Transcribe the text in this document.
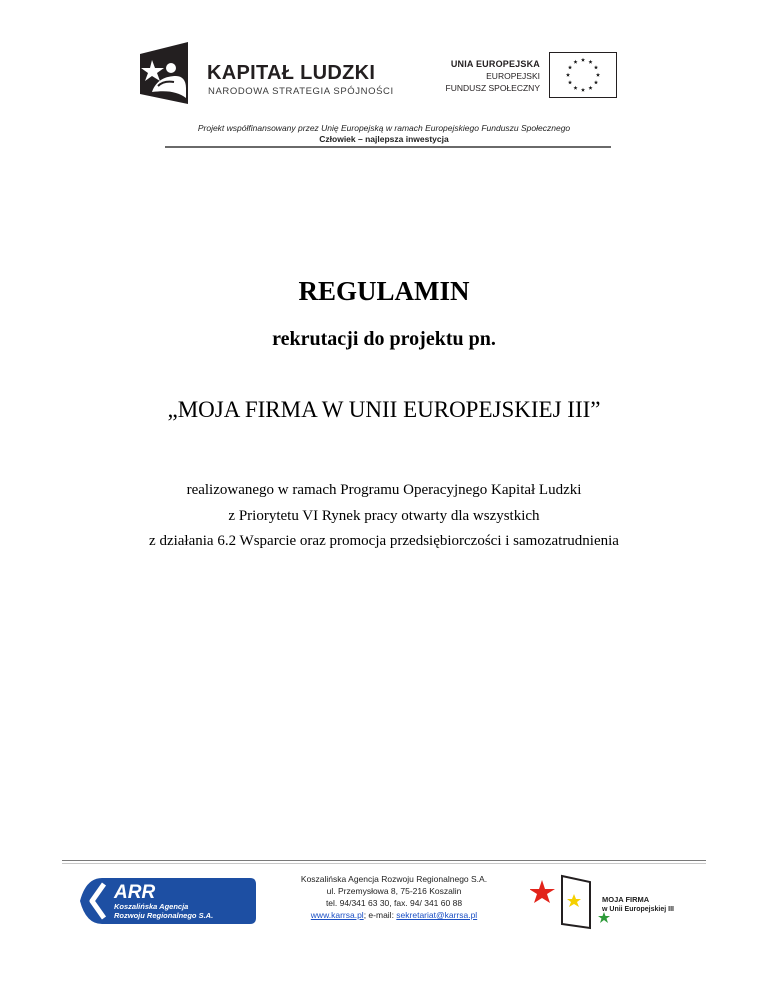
KAPITAŁ LUDZKI
NARODOWA STRATEGIA SPÓJNOŚCI
UNIA EUROPEJSKA
EUROPEJSKI
FUNDUSZ SPOŁECZNY
Projekt współfinansowany przez Unię Europejską w ramach Europejskiego Funduszu Społecznego
Człowiek – najlepsza inwestycja
REGULAMIN
rekrutacji do projektu pn.
„MOJA FIRMA W UNII EUROPEJSKIEJ III”
realizowanego w ramach Programu Operacyjnego Kapitał Ludzki
z Priorytetu VI Rynek pracy otwarty dla wszystkich
z działania 6.2 Wsparcie oraz promocja przedsiębiorczości i samozatrudnienia
ARR
Koszalińska Agencja
Rozwoju Regionalnego S.A.
Koszalińska Agencja Rozwoju Regionalnego S.A.
ul. Przemysłowa 8, 75-216 Koszalin
tel. 94/341 63 30, fax. 94/ 341 60 88
www.karrsa.pl; e-mail: sekretariat@karrsa.pl
MOJA FIRMA
w Unii Europejskiej III
